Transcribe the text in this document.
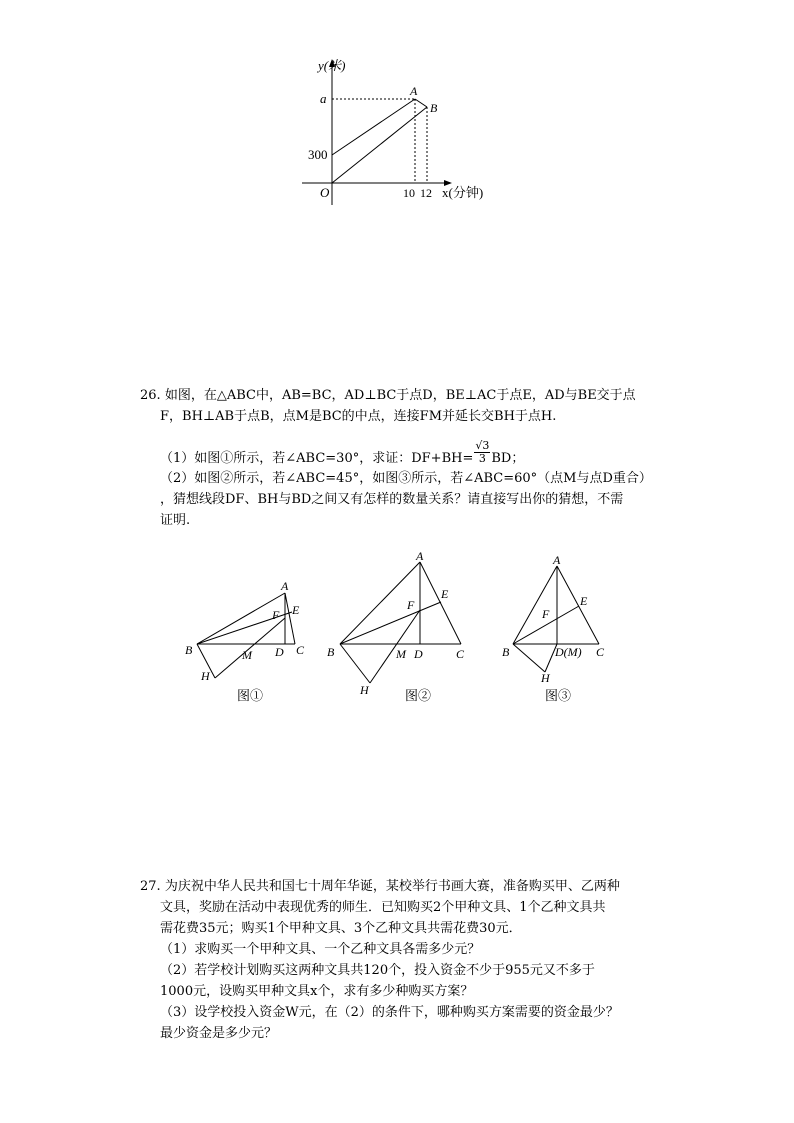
y(米)
a
300
O	10 12 x(分钟)
A
B
26. 如图，在△ABC中，AB=BC，AD⊥BC于点D，BE⊥AC于点E，AD与BE交于点
F，BH⊥AB于点B，点M是BC的中点，连接FM并延长交BH于点H.
（1）如图①所示，若∠ABC=30°，求证：$DF+BH= \frac{√3}{3}$ BD；
（2）如图②所示，若∠ABC=45°，如图③所示，若∠ABC=60°（点M与点D重合）
，猜想线段DF、BH与BD之间又有怎样的数量关系？请直接写出你的猜想，不需
证明.
A
B	C
D
E
F
H
M
图①
A
B	C
D
E
F
H
M
图②
A
B	C
D(M)
E
F
H
图③
27. 为庆祝中华人民共和国七十周年华诞，某校举行书画大赛，准备购买甲、乙两种
文具，奖励在活动中表现优秀的师生．已知购买2个甲种文具、1个乙种文具共
需花费35元；购买1个甲种文具、3个乙种文具共需花费30元．
（1）求购买一个甲种文具、一个乙种文具各需多少元？
（2）若学校计划购买这两种文具共120个，投入资金不少于955元又不多于
1000元，设购买甲种文具x个，求有多少种购买方案？
（3）设学校投入资金W元，在（2）的条件下，哪种购买方案需要的资金最少？
最少资金是多少元？
